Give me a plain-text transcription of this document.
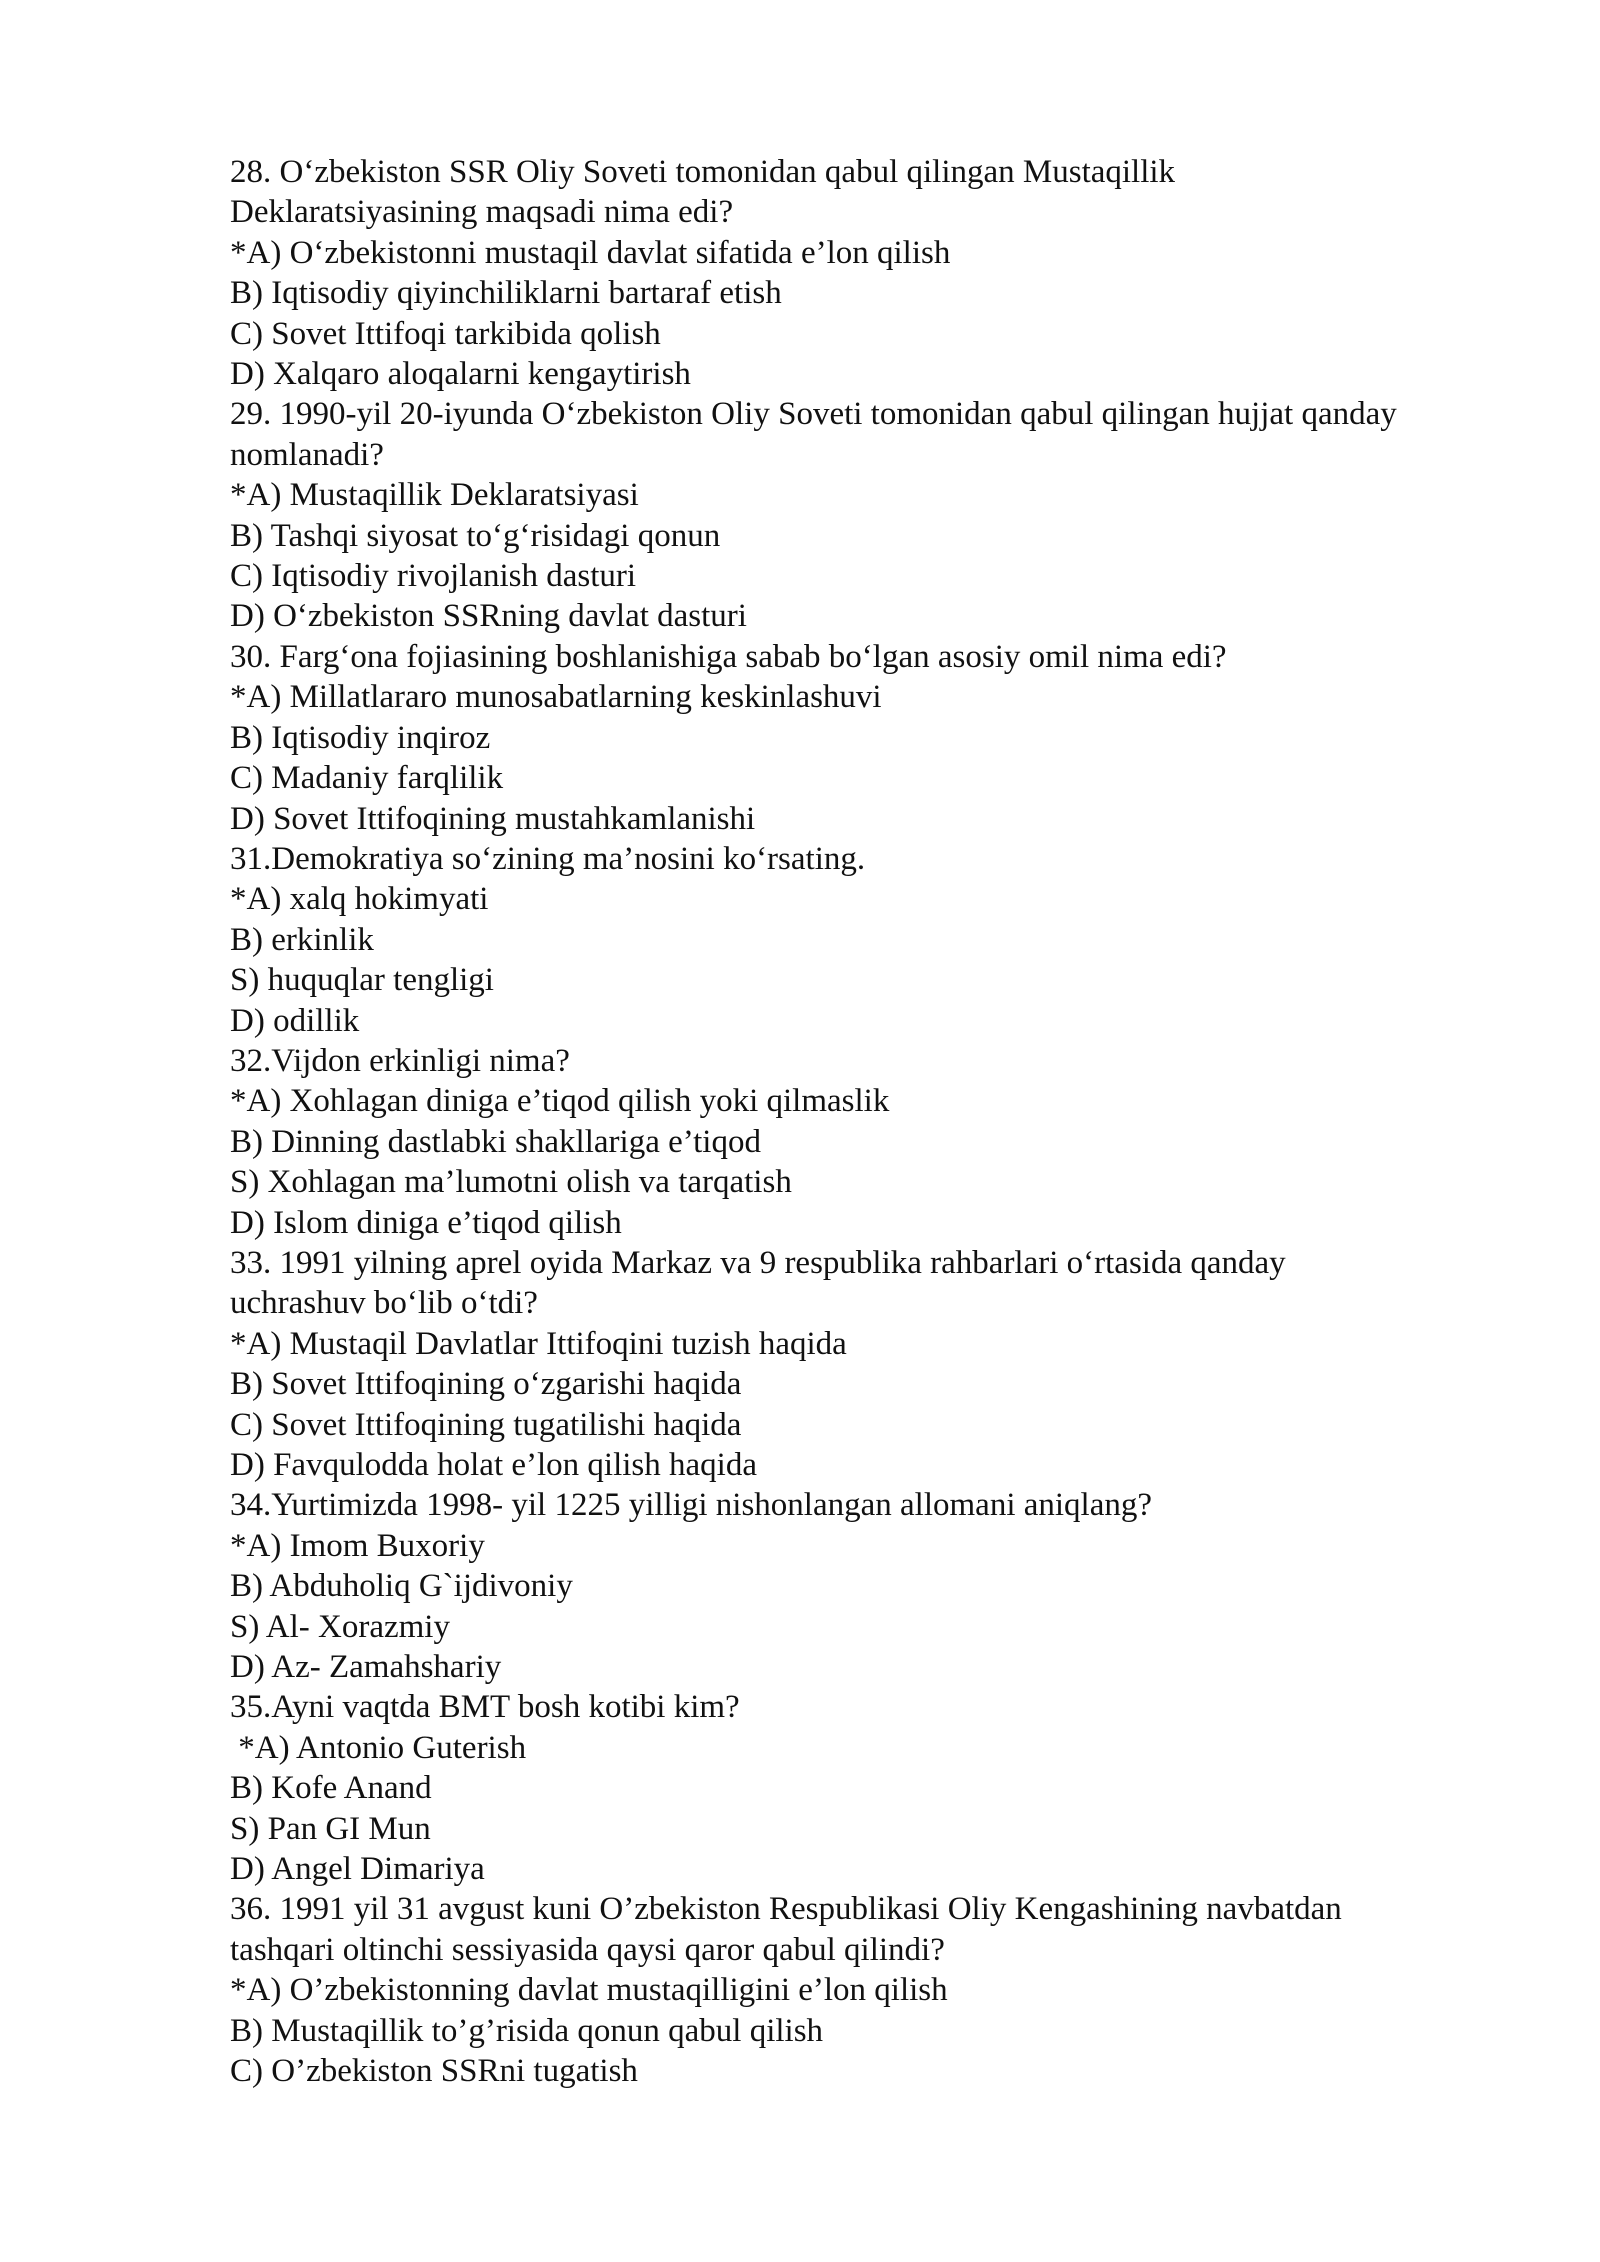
28. O‘zbekiston SSR Oliy Soveti tomonidan qabul qilingan Mustaqillik
Deklaratsiyasining maqsadi nima edi?
*A) O‘zbekistonni mustaqil davlat sifatida e’lon qilish
B) Iqtisodiy qiyinchiliklarni bartaraf etish
C) Sovet Ittifoqi tarkibida qolish
D) Xalqaro aloqalarni kengaytirish
29. 1990-yil 20-iyunda O‘zbekiston Oliy Soveti tomonidan qabul qilingan hujjat qanday
nomlanadi?
*A) Mustaqillik Deklaratsiyasi
B) Tashqi siyosat to‘g‘risidagi qonun
C) Iqtisodiy rivojlanish dasturi
D) O‘zbekiston SSRning davlat dasturi
30. Farg‘ona fojiasining boshlanishiga sabab bo‘lgan asosiy omil nima edi?
*A) Millatlararo munosabatlarning keskinlashuvi
B) Iqtisodiy inqiroz
C) Madaniy farqlilik
D) Sovet Ittifoqining mustahkamlanishi
31.Demokratiya so‘zining ma’nosini ko‘rsating.
*A) xalq hokimyati
B) erkinlik
S) huquqlar tengligi
D) odillik
32.Vijdon erkinligi nima?
*A) Xohlagan diniga e’tiqod qilish yoki qilmaslik
B) Dinning dastlabki shakllariga e’tiqod
S) Xohlagan ma’lumotni olish va tarqatish
D) Islom diniga e’tiqod qilish
33. 1991 yilning aprel oyida Markaz va 9 respublika rahbarlari o‘rtasida qanday
uchrashuv bo‘lib o‘tdi?
*A) Mustaqil Davlatlar Ittifoqini tuzish haqida
B) Sovet Ittifoqining o‘zgarishi haqida
C) Sovet Ittifoqining tugatilishi haqida
D) Favqulodda holat e’lon qilish haqida
34.Yurtimizda 1998- yil 1225 yilligi nishonlangan allomani aniqlang?
*A) Imom Buxoriy
B) Abduholiq G`ijdivoniy
S) Al- Xorazmiy
D) Az- Zamahshariy
35.Ayni vaqtda BMT bosh kotibi kim?
*A) Antonio Guterish
B) Kofe Anand
S) Pan GI Mun
D) Angel Dimariya
36. 1991 yil 31 avgust kuni O’zbekiston Respublikasi Oliy Kengashining navbatdan
tashqari oltinchi sessiyasida qaysi qaror qabul qilindi?
*A) O’zbekistonning davlat mustaqilligini e’lon qilish
B) Mustaqillik to’g’risida qonun qabul qilish
C) O’zbekiston SSRni tugatish
